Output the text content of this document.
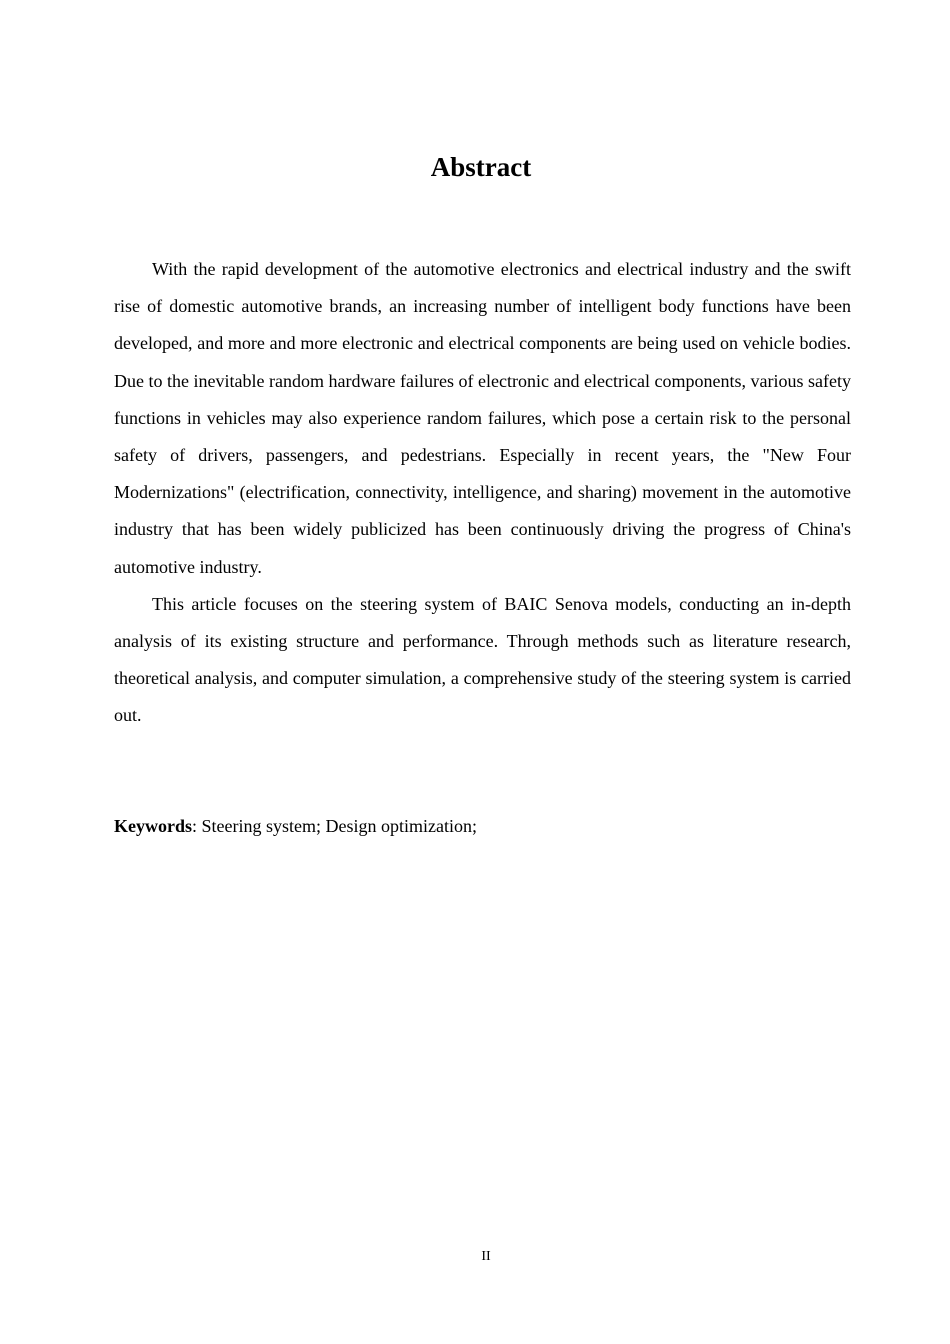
Abstract

With the rapid development of the automotive electronics and electrical industry and the swift rise of domestic automotive brands, an increasing number of intelligent body functions have been developed, and more and more electronic and electrical components are being used on vehicle bodies. Due to the inevitable random hardware failures of electronic and electrical components, various safety functions in vehicles may also experience random failures, which pose a certain risk to the personal safety of drivers, passengers, and pedestrians. Especially in recent years, the "New Four Modernizations" (electrification, connectivity, intelligence, and sharing) movement in the automotive industry that has been widely publicized has been continuously driving the progress of China's automotive industry.

This article focuses on the steering system of BAIC Senova models, conducting an in-depth analysis of its existing structure and performance. Through methods such as literature research, theoretical analysis, and computer simulation, a comprehensive study of the steering system is carried out.

Keywords: Steering system; Design optimization;

II
